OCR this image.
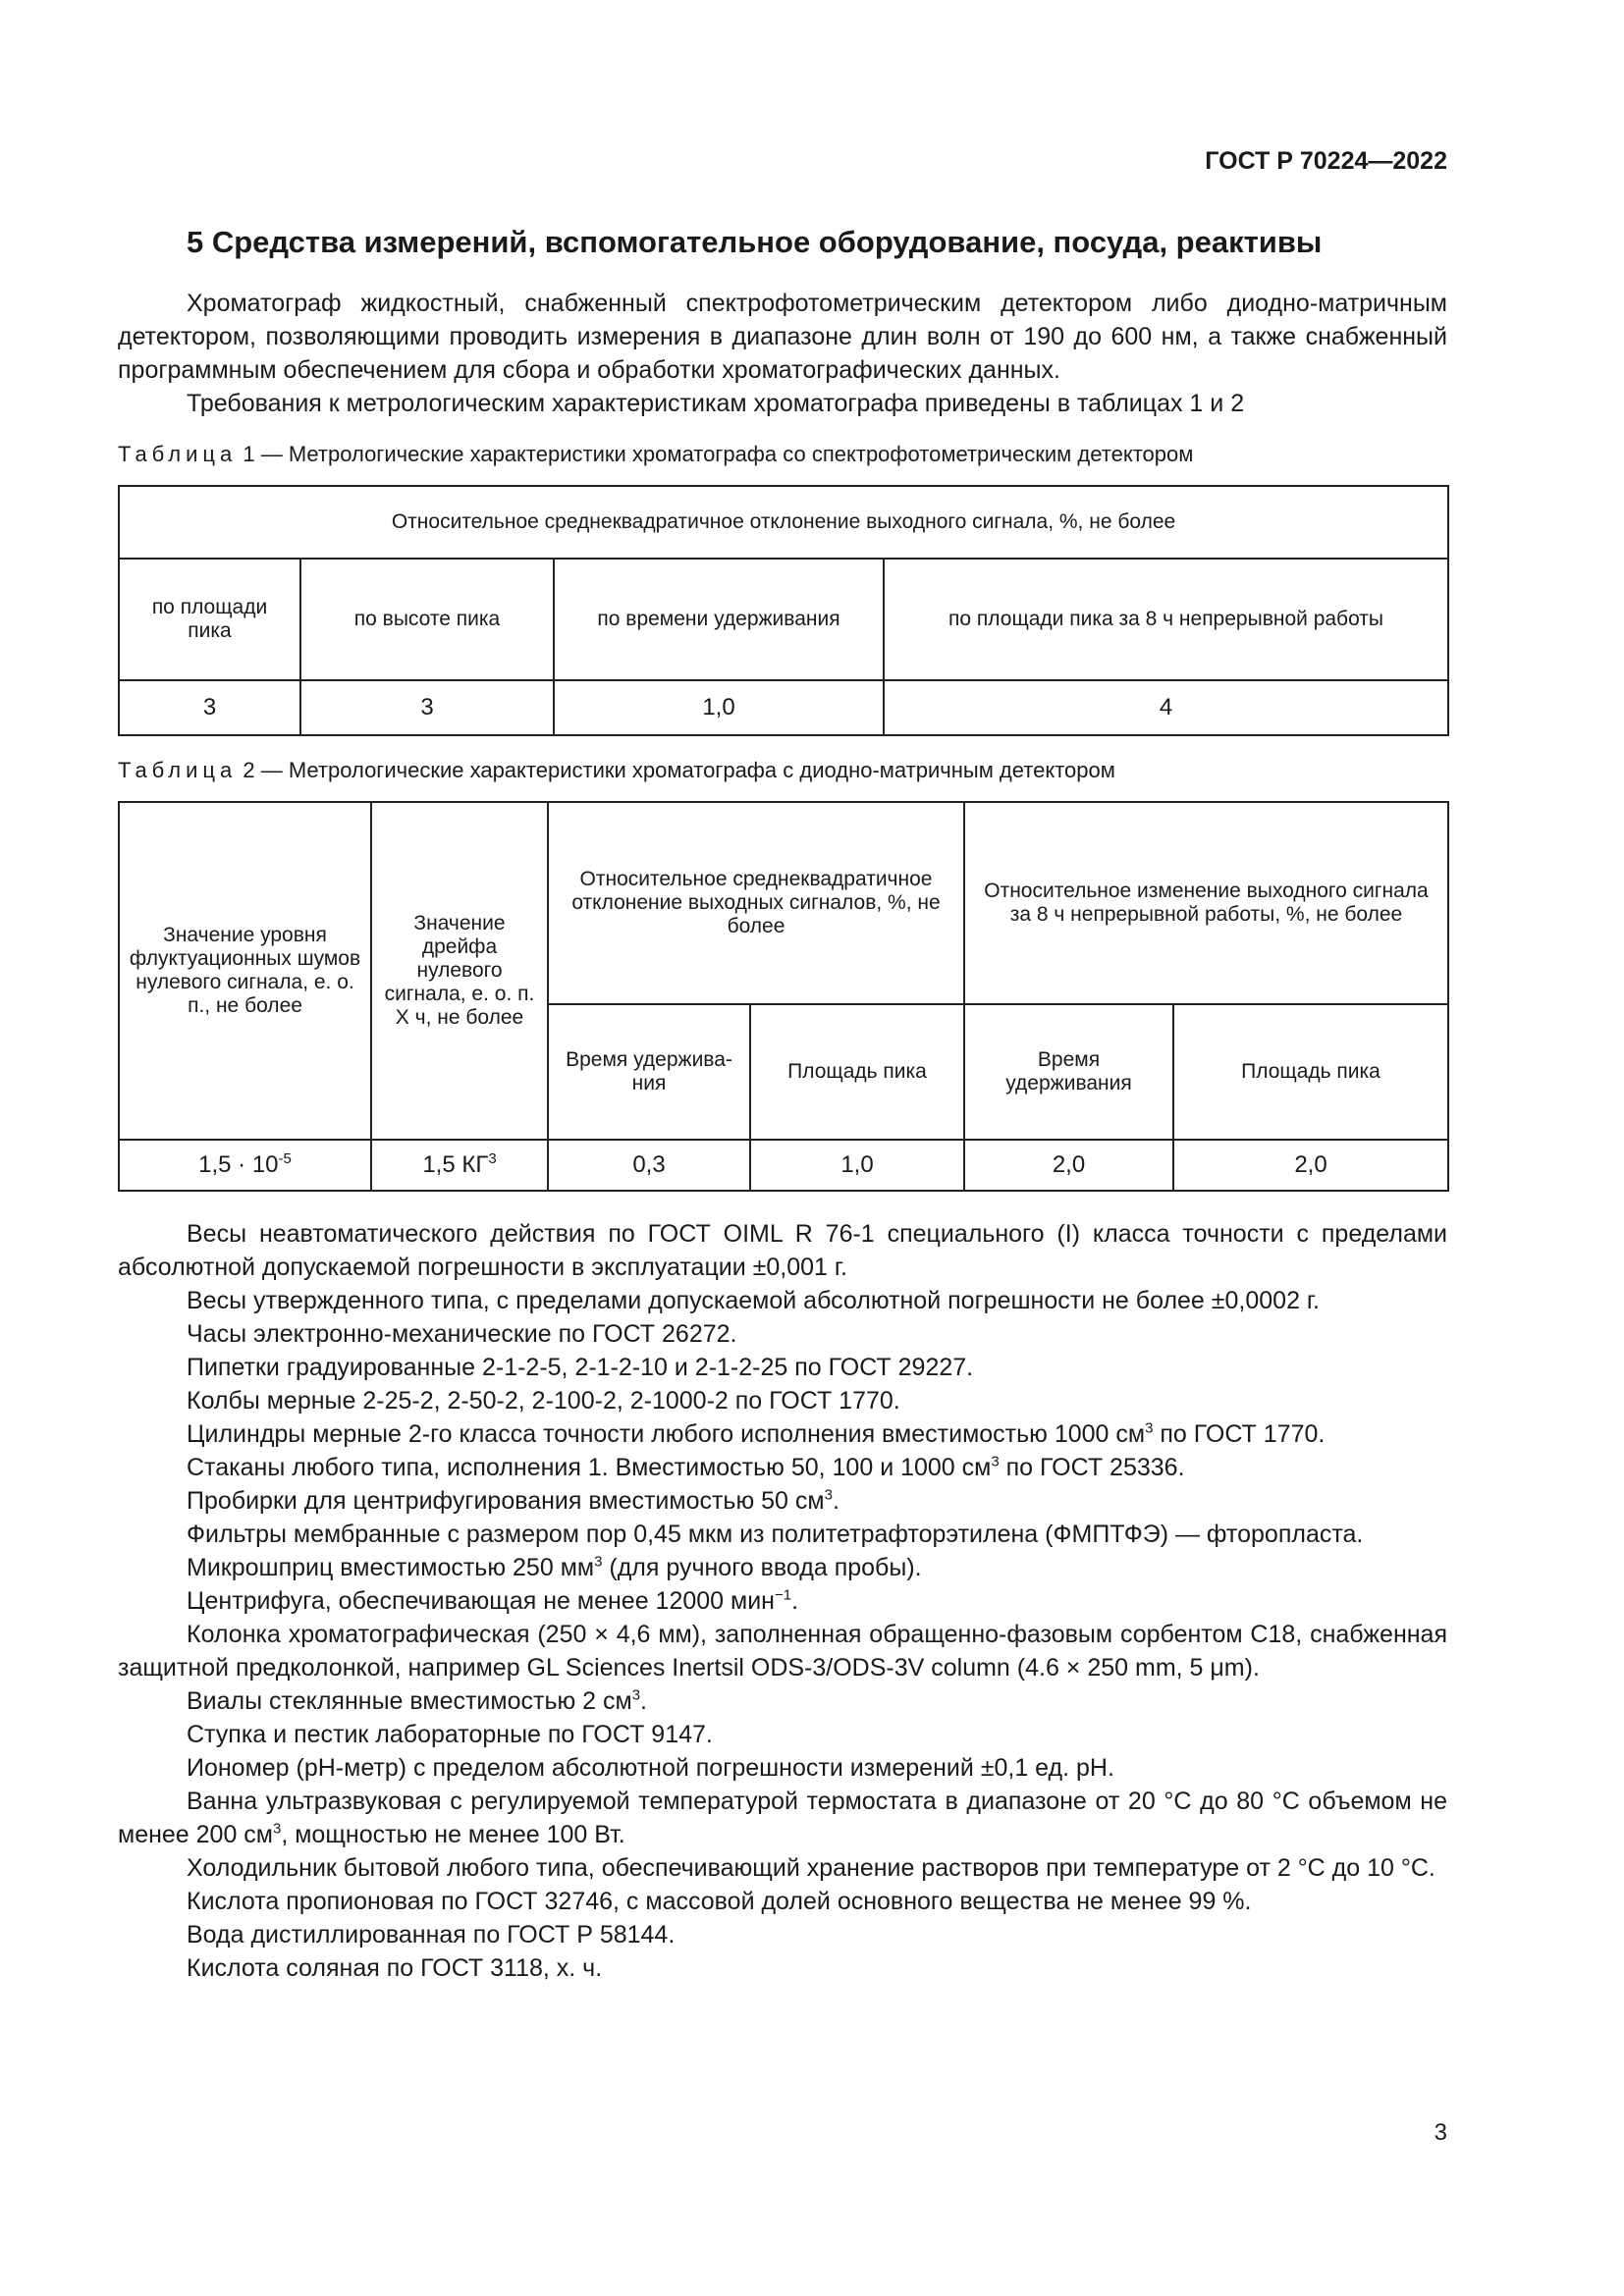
ГОСТ Р 70224—2022
5 Средства измерений, вспомогательное оборудование, посуда, реактивы

Хроматограф жидкостный, снабженный спектрофотометрическим детектором либо диодно-матричным детектором, позволяющими проводить измерения в диапазоне длин волн от 190 до 600 нм, а также снабженный программным обеспечением для сбора и обработки хроматографических данных.

Требования к метрологическим характеристикам хроматографа приведены в таблицах 1 и 2

Таблица 1 — Метрологические характеристики хроматографа со спектрофотометрическим детектором
Относительное среднеквадратичное отклонение выходного сигнала, %, не более			
по площади пика	по высоте пика	по времени удерживания	по площади пика за 8 ч непрерывной работы
3	3	1,0	4
Таблица 2 — Метрологические характеристики хроматографа с диодно-матричным детектором
Значение уровня флуктуационных шумов нулевого сигнала, е. о. п., не более	Значение дрейфа нулевого сигнала, е. о. п. X ч, не более	Относительное среднеквадратичное отклонение выходных сигналов, %, не более		Относительное изменение выходного сигнала за 8 ч непрерывной работы, %, не более	
		Время удержива-ния	Площадь пика	Время удерживания	Площадь пика
$1,5 \cdot 10^{-5}$	1,5 $КГ^3$	0,3	1,0	2,0	2,0

Весы неавтоматического действия по ГОСТ OIML R 76-1 специального (I) класса точности с пределами абсолютной допускаемой погрешности в эксплуатации ±0,001 г.

Весы утвержденного типа, с пределами допускаемой абсолютной погрешности не более ±0,0002 г.

Часы электронно-механические по ГОСТ 26272.

Пипетки градуированные 2-1-2-5, 2-1-2-10 и 2-1-2-25 по ГОСТ 29227.

Колбы мерные 2-25-2, 2-50-2, 2-100-2, 2-1000-2 по ГОСТ 1770.

Цилиндры мерные 2-го класса точности любого исполнения вместимостью 1000 $см^3$ по ГОСТ 1770.

Стаканы любого типа, исполнения 1. Вместимостью 50, 100 и 1000 $см^3$ по ГОСТ 25336.

Пробирки для центрифугирования вместимостью 50 $см^3$.

Фильтры мембранные с размером пор 0,45 мкм из политетрафторэтилена (ФМПТФЭ) — фторопласта.

Микрошприц вместимостью 250 $мм^3$ (для ручного ввода пробы).

Центрифуга, обеспечивающая не менее 12000 мин$^{-1}$.

Колонка хроматографическая (250 × 4,6 мм), заполненная обращенно-фазовым сорбентом С18, снабженная защитной предколонкой, например GL Sciences Inertsil ODS-3/ODS-3V column (4.6 × 250 mm, 5 μm).

Виалы стеклянные вместимостью 2 $см^3$.

Ступка и пестик лабораторные по ГОСТ 9147.

Иономер (рН-метр) с пределом абсолютной погрешности измерений ±0,1 ед. рН.

Ванна ультразвуковая с регулируемой температурой термостата в диапазоне от 20 °С до 80 °С объемом не менее 200 $см^3$, мощностью не менее 100 Вт.

Холодильник бытовой любого типа, обеспечивающий хранение растворов при температуре от 2 °С до 10 °С.

Кислота пропионовая по ГОСТ 32746, с массовой долей основного вещества не менее 99 %.

Вода дистиллированная по ГОСТ Р 58144.

Кислота соляная по ГОСТ 3118, х. ч.

3
